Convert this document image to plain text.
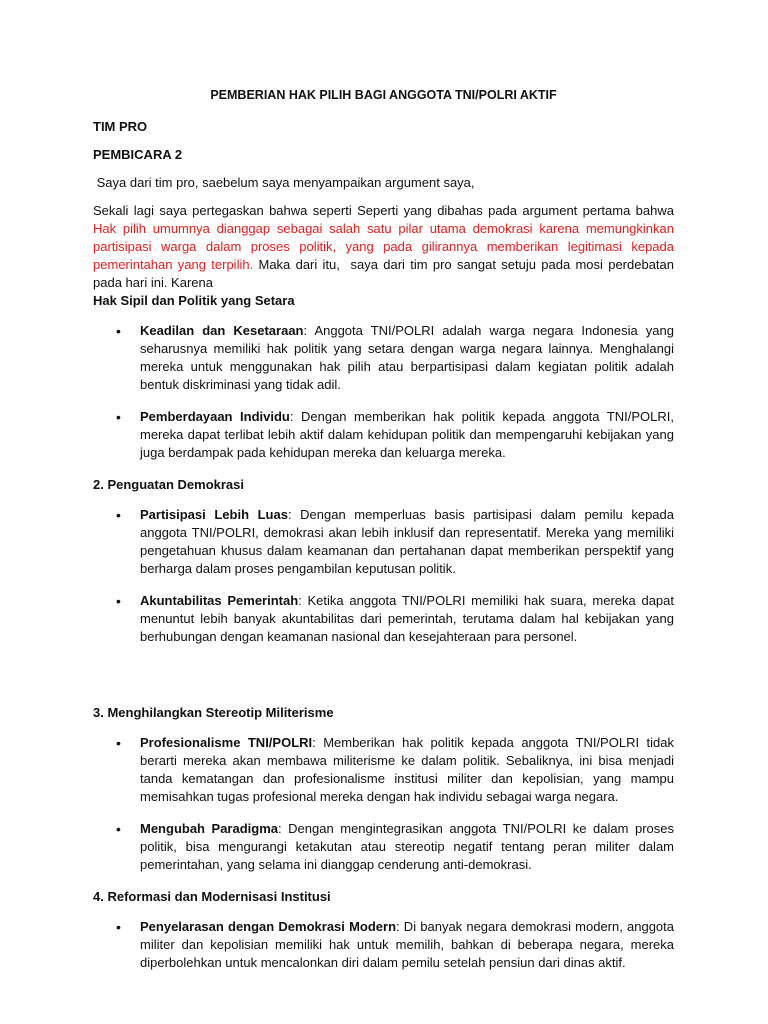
PEMBERIAN HAK PILIH BAGI ANGGOTA TNI/POLRI AKTIF
TIM PRO
PEMBICARA 2

Saya dari tim pro, saebelum saya menyampaikan argument saya,

Sekali lagi saya pertegaskan bahwa seperti Seperti yang dibahas pada argument pertama bahwa Hak pilih umumnya dianggap sebagai salah satu pilar utama demokrasi karena memungkinkan partisipasi warga dalam proses politik, yang pada gilirannya memberikan legitimasi kepada pemerintahan yang terpilih. Maka dari itu,  saya dari tim pro sangat setuju pada mosi perdebatan pada hari ini. Karena
Hak Sipil dan Politik yang Setara

• Keadilan dan Kesetaraan: Anggota TNI/POLRI adalah warga negara Indonesia yang seharusnya memiliki hak politik yang setara dengan warga negara lainnya. Menghalangi mereka untuk menggunakan hak pilih atau berpartisipasi dalam kegiatan politik adalah bentuk diskriminasi yang tidak adil.
• Pemberdayaan Individu: Dengan memberikan hak politik kepada anggota TNI/POLRI, mereka dapat terlibat lebih aktif dalam kehidupan politik dan mempengaruhi kebijakan yang juga berdampak pada kehidupan mereka dan keluarga mereka.
2. Penguatan Demokrasi
• Partisipasi Lebih Luas: Dengan memperluas basis partisipasi dalam pemilu kepada anggota TNI/POLRI, demokrasi akan lebih inklusif dan representatif. Mereka yang memiliki pengetahuan khusus dalam keamanan dan pertahanan dapat memberikan perspektif yang berharga dalam proses pengambilan keputusan politik.
• Akuntabilitas Pemerintah: Ketika anggota TNI/POLRI memiliki hak suara, mereka dapat menuntut lebih banyak akuntabilitas dari pemerintah, terutama dalam hal kebijakan yang berhubungan dengan keamanan nasional dan kesejahteraan para personel.
3. Menghilangkan Stereotip Militerisme
• Profesionalisme TNI/POLRI: Memberikan hak politik kepada anggota TNI/POLRI tidak berarti mereka akan membawa militerisme ke dalam politik. Sebaliknya, ini bisa menjadi tanda kematangan dan profesionalisme institusi militer dan kepolisian, yang mampu memisahkan tugas profesional mereka dengan hak individu sebagai warga negara.
• Mengubah Paradigma: Dengan mengintegrasikan anggota TNI/POLRI ke dalam proses politik, bisa mengurangi ketakutan atau stereotip negatif tentang peran militer dalam pemerintahan, yang selama ini dianggap cenderung anti-demokrasi.
4. Reformasi dan Modernisasi Institusi
• Penyelarasan dengan Demokrasi Modern: Di banyak negara demokrasi modern, anggota militer dan kepolisian memiliki hak untuk memilih, bahkan di beberapa negara, mereka diperbolehkan untuk mencalonkan diri dalam pemilu setelah pensiun dari dinas aktif.
